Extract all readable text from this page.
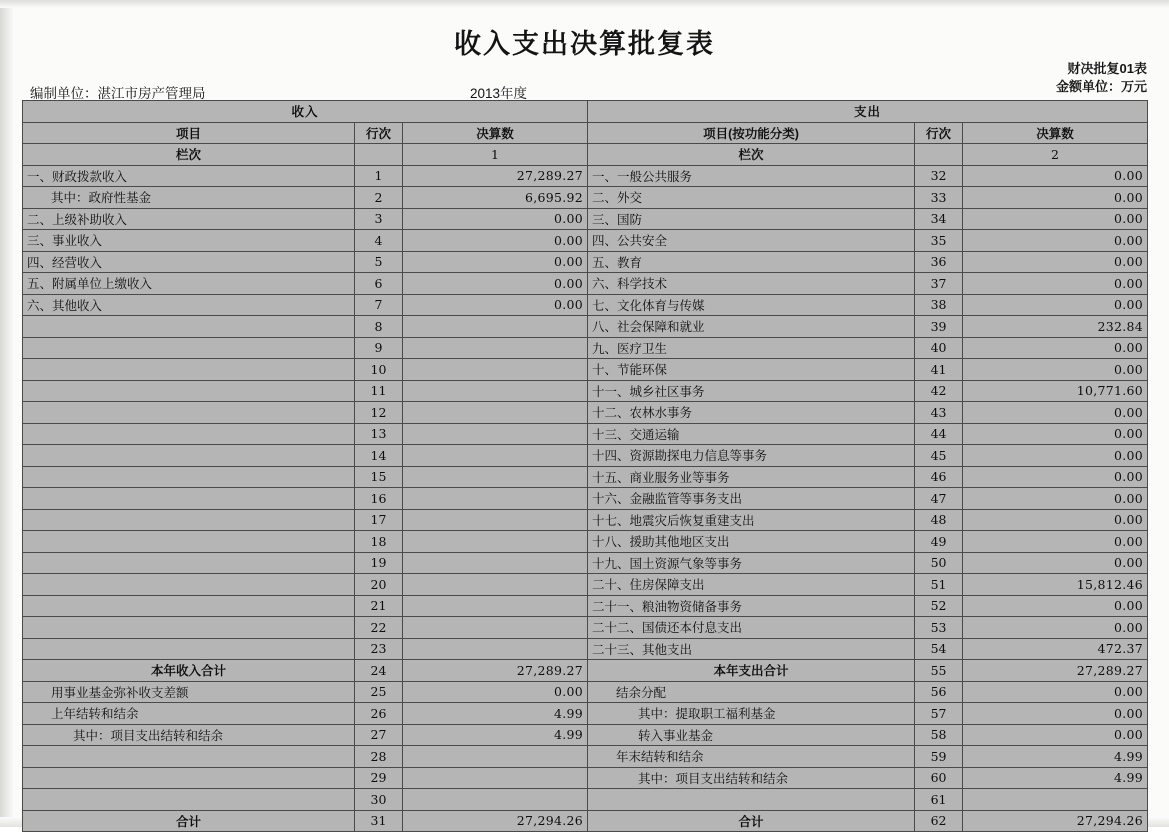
收入支出决算批复表
财决批复01表
金额单位：万元
编制单位：湛江市房产管理局	2013年度
收入			支出		
项目	行次	决算数	项目(按功能分类)	行次	决算数
栏次		1	栏次		2
一、财政拨款收入	1	27,289.27	一、一般公共服务	32	0.00
其中：政府性基金	2	6,695.92	二、外交	33	0.00
二、上级补助收入	3	0.00	三、国防	34	0.00
三、事业收入	4	0.00	四、公共安全	35	0.00
四、经营收入	5	0.00	五、教育	36	0.00
五、附属单位上缴收入	6	0.00	六、科学技术	37	0.00
六、其他收入	7	0.00	七、文化体育与传媒	38	0.00
	8		八、社会保障和就业	39	232.84
	9		九、医疗卫生	40	0.00
	10		十、节能环保	41	0.00
	11		十一、城乡社区事务	42	10,771.60
	12		十二、农林水事务	43	0.00
	13		十三、交通运输	44	0.00
	14		十四、资源勘探电力信息等事务	45	0.00
	15		十五、商业服务业等事务	46	0.00
	16		十六、金融监管等事务支出	47	0.00
	17		十七、地震灾后恢复重建支出	48	0.00
	18		十八、援助其他地区支出	49	0.00
	19		十九、国土资源气象等事务	50	0.00
	20		二十、住房保障支出	51	15,812.46
	21		二十一、粮油物资储备事务	52	0.00
	22		二十二、国债还本付息支出	53	0.00
	23		二十三、其他支出	54	472.37
本年收入合计	24	27,289.27	本年支出合计	55	27,289.27
用事业基金弥补收支差额	25	0.00	结余分配	56	0.00
上年结转和结余	26	4.99	其中：提取职工福利基金	57	0.00
其中：项目支出结转和结余	27	4.99	转入事业基金	58	0.00
	28		年末结转和结余	59	4.99
	29		其中：项目支出结转和结余	60	4.99
	30			61	
合计	31	27,294.26	合计	62	27,294.26
